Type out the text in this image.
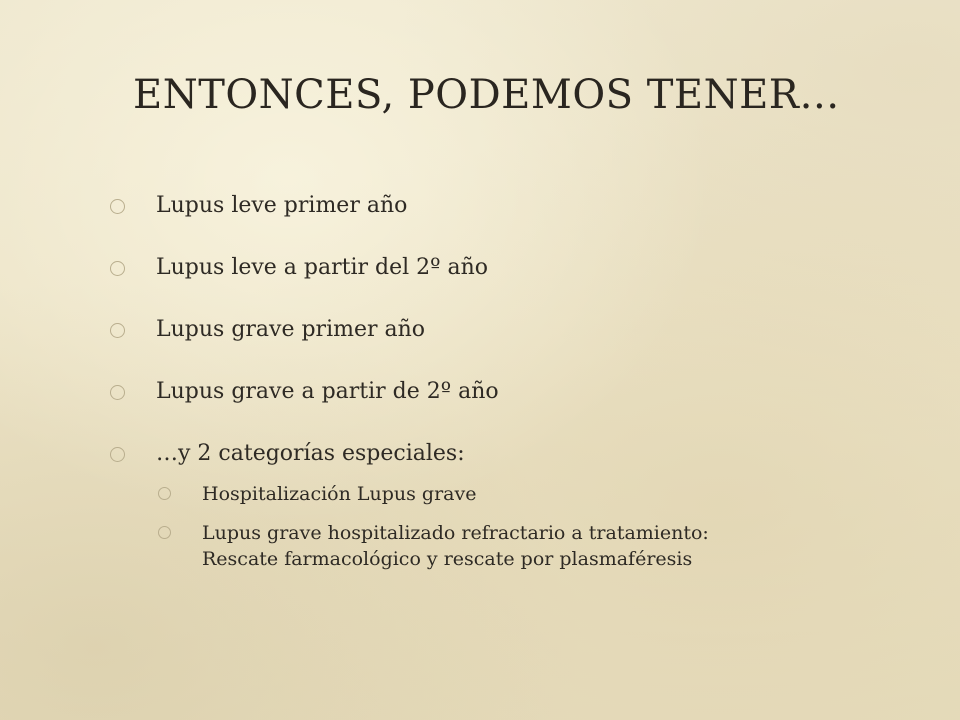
ENTONCES, PODEMOS TENER…
Lupus leve primer año
Lupus leve a partir del 2º año
Lupus grave primer año
Lupus grave a partir de 2º año
…y 2 categorías especiales:
Hospitalización Lupus grave
Lupus grave hospitalizado refractario a tratamiento:
Rescate farmacológico y rescate por plasmaféresis
